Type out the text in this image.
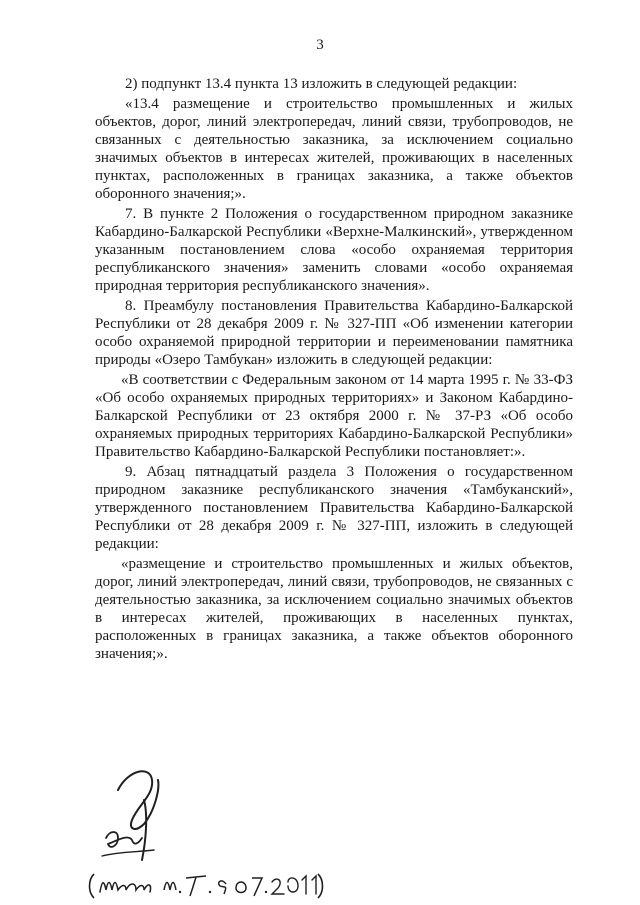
3

2) подпункт 13.4 пункта 13 изложить в следующей редакции:

«13.4 размещение и строительство промышленных и жилых объектов, дорог, линий электропередач, линий связи, трубопроводов, не связанных с деятельностью заказника, за исключением социально значимых объектов в интересах жителей, проживающих в населенных пунктах, расположенных в границах заказника, а также объектов оборонного значения;».

7. В пункте 2 Положения о государственном природном заказнике Кабардино-Балкарской Республики «Верхне-Малкинский», утвержденном указанным постановлением слова «особо охраняемая территория республиканского значения» заменить словами «особо охраняемая природная территория республиканского значения».

8. Преамбулу постановления Правительства Кабардино-Балкарской Республики от 28 декабря 2009 г. № 327-ПП «Об изменении категории особо охраняемой природной территории и переименовании памятника природы «Озеро Тамбукан» изложить в следующей редакции:

«В соответствии с Федеральным законом от 14 марта 1995 г. № 33-ФЗ «Об особо охраняемых природных территориях» и Законом Кабардино-Балкарской Республики от 23 октября 2000 г. № 37-РЗ «Об особо охраняемых природных территориях Кабардино-Балкарской Республики» Правительство Кабардино-Балкарской Республики постановляет:».

9. Абзац пятнадцатый раздела 3 Положения о государственном природном заказнике республиканского значения «Тамбуканский», утвержденного постановлением Правительства Кабардино-Балкарской Республики от 28 декабря 2009 г. № 327-ПП, изложить в следующей редакции:

«размещение и строительство промышленных и жилых объектов, дорог, линий электропередач, линий связи, трубопроводов, не связанных с деятельностью заказника, за исключением социально значимых объектов в интересах жителей, проживающих в населенных пунктах, расположенных в границах заказника, а также объектов оборонного значения;».
